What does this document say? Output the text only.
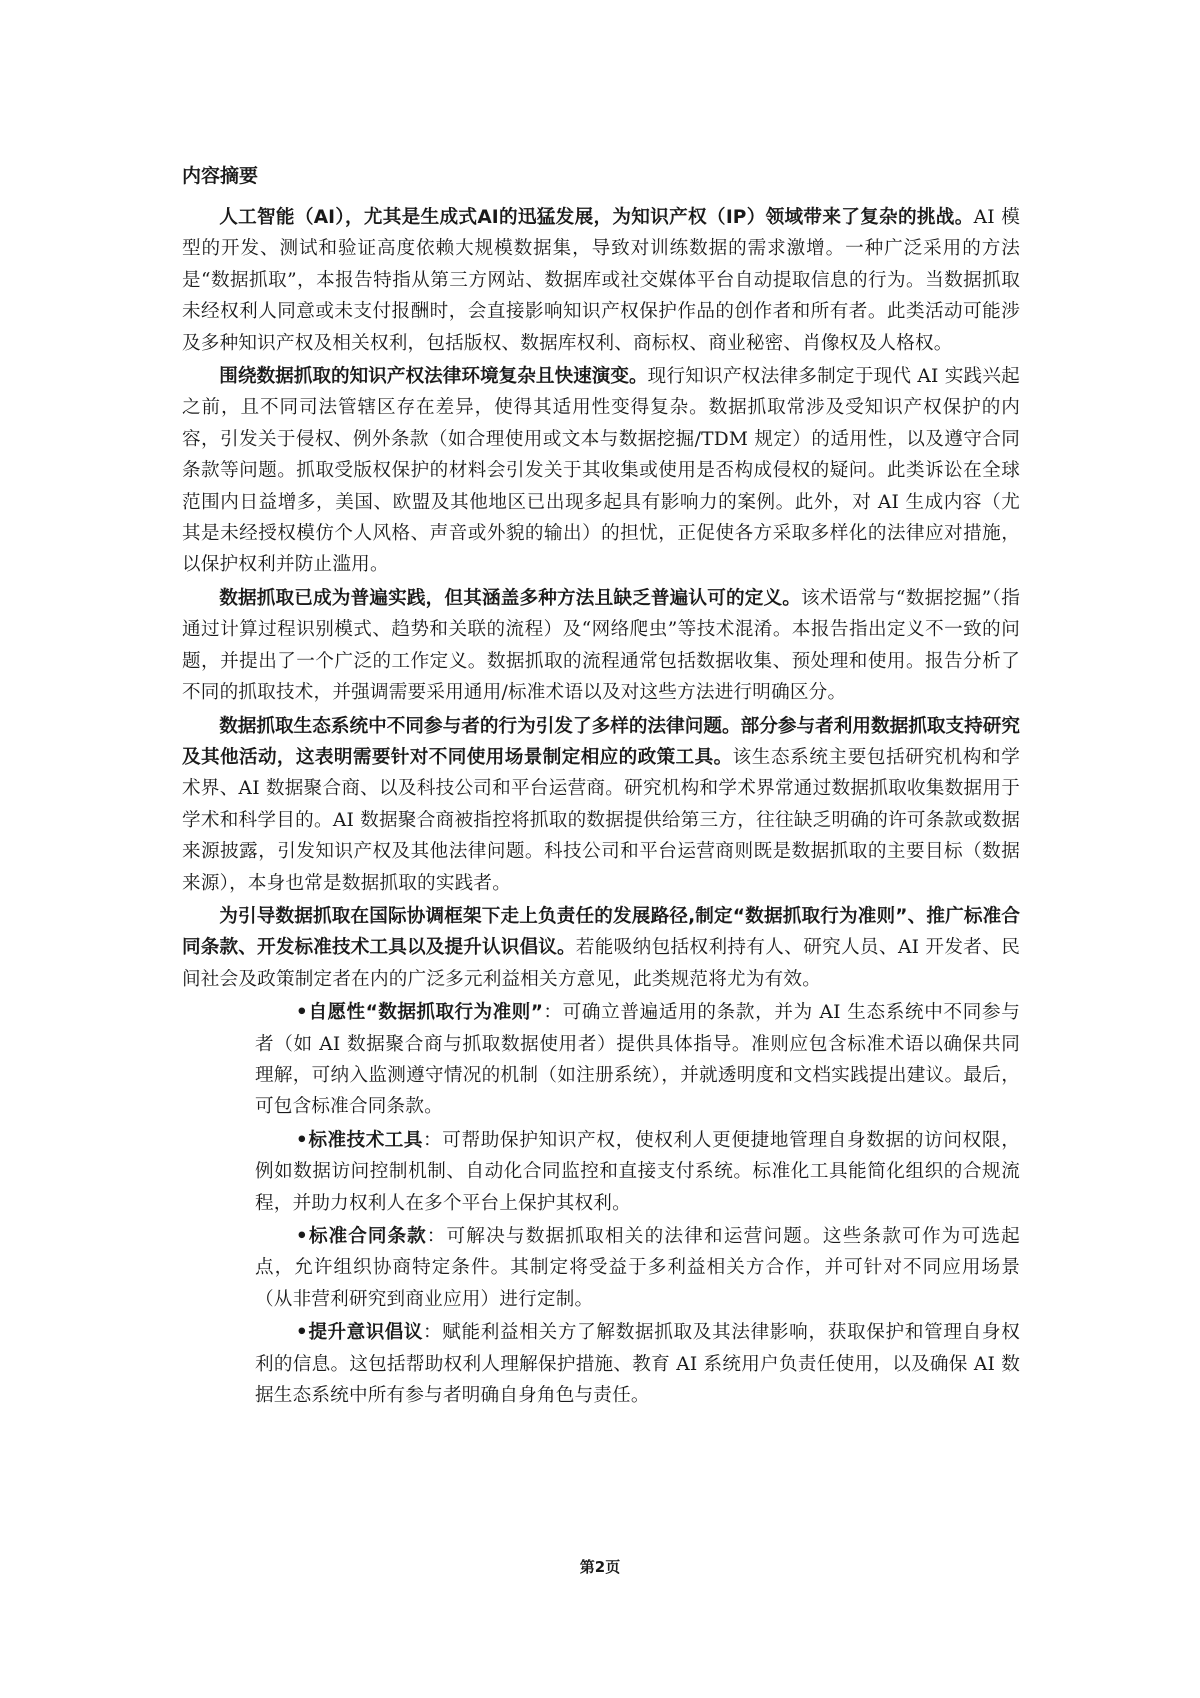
内容摘要

人工智能（AI），尤其是生成式AI的迅猛发展，为知识产权（IP）领域带来了复杂的挑战。AI 模型的开发、测试和验证高度依赖大规模数据集，导致对训练数据的需求激增。一种广泛采用的方法是“数据抓取”，本报告特指从第三方网站、数据库或社交媒体平台自动提取信息的行为。当数据抓取未经权利人同意或未支付报酬时，会直接影响知识产权保护作品的创作者和所有者。此类活动可能涉及多种知识产权及相关权利，包括版权、数据库权利、商标权、商业秘密、肖像权及人格权。

围绕数据抓取的知识产权法律环境复杂且快速演变。现行知识产权法律多制定于现代 AI 实践兴起之前，且不同司法管辖区存在差异，使得其适用性变得复杂。数据抓取常涉及受知识产权保护的内容，引发关于侵权、例外条款（如合理使用或文本与数据挖掘/TDM 规定）的适用性，以及遵守合同条款等问题。抓取受版权保护的材料会引发关于其收集或使用是否构成侵权的疑问。此类诉讼在全球范围内日益增多，美国、欧盟及其他地区已出现多起具有影响力的案例。此外，对 AI 生成内容（尤其是未经授权模仿个人风格、声音或外貌的输出）的担忧，正促使各方采取多样化的法律应对措施，以保护权利并防止滥用。

数据抓取已成为普遍实践，但其涵盖多种方法且缺乏普遍认可的定义。该术语常与“数据挖掘”（指通过计算过程识别模式、趋势和关联的流程）及“网络爬虫”等技术混淆。本报告指出定义不一致的问题，并提出了一个广泛的工作定义。数据抓取的流程通常包括数据收集、预处理和使用。报告分析了不同的抓取技术，并强调需要采用通用/标准术语以及对这些方法进行明确区分。

数据抓取生态系统中不同参与者的行为引发了多样的法律问题。部分参与者利用数据抓取支持研究及其他活动，这表明需要针对不同使用场景制定相应的政策工具。该生态系统主要包括研究机构和学术界、AI 数据聚合商、以及科技公司和平台运营商。研究机构和学术界常通过数据抓取收集数据用于学术和科学目的。AI 数据聚合商被指控将抓取的数据提供给第三方，往往缺乏明确的许可条款或数据来源披露，引发知识产权及其他法律问题。科技公司和平台运营商则既是数据抓取的主要目标（数据来源），本身也常是数据抓取的实践者。

为引导数据抓取在国际协调框架下走上负责任的发展路径,制定“数据抓取行为准则”、推广标准合同条款、开发标准技术工具以及提升认识倡议。若能吸纳包括权利持有人、研究人员、AI 开发者、民间社会及政策制定者在内的广泛多元利益相关方意见，此类规范将尤为有效。

•自愿性“数据抓取行为准则”：可确立普遍适用的条款，并为 AI 生态系统中不同参与者（如 AI 数据聚合商与抓取数据使用者）提供具体指导。准则应包含标准术语以确保共同理解，可纳入监测遵守情况的机制（如注册系统），并就透明度和文档实践提出建议。最后，可包含标准合同条款。
•标准技术工具：可帮助保护知识产权，使权利人更便捷地管理自身数据的访问权限，例如数据访问控制机制、自动化合同监控和直接支付系统。标准化工具能简化组织的合规流程，并助力权利人在多个平台上保护其权利。
•标准合同条款：可解决与数据抓取相关的法律和运营问题。这些条款可作为可选起点，允许组织协商特定条件。其制定将受益于多利益相关方合作，并可针对不同应用场景（从非营利研究到商业应用）进行定制。
•提升意识倡议：赋能利益相关方了解数据抓取及其法律影响，获取保护和管理自身权利的信息。这包括帮助权利人理解保护措施、教育 AI 系统用户负责任使用，以及确保 AI 数据生态系统中所有参与者明确自身角色与责任。
第2页
